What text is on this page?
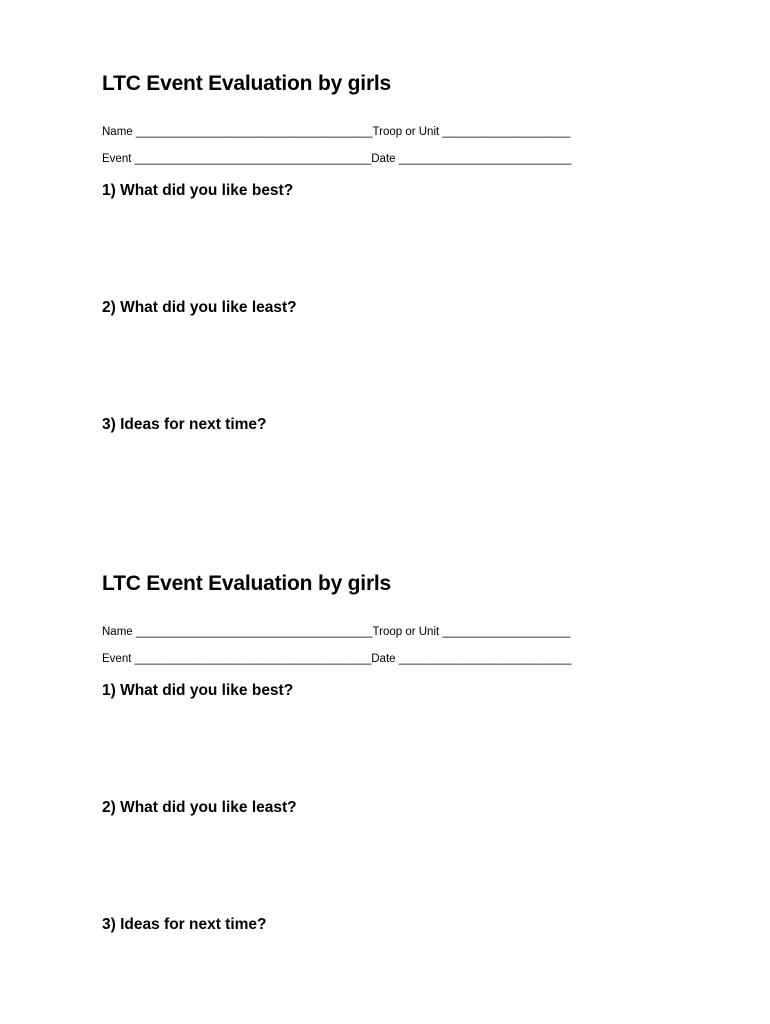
LTC Event Evaluation by girls
Name _____________________________________Troop or Unit ____________________
Event _____________________________________Date ___________________________
1) What did you like best?
2) What did you like least?
3) Ideas for next time?
LTC Event Evaluation by girls
Name _____________________________________Troop or Unit ____________________
Event _____________________________________Date ___________________________
1) What did you like best?
2) What did you like least?
3) Ideas for next time?
